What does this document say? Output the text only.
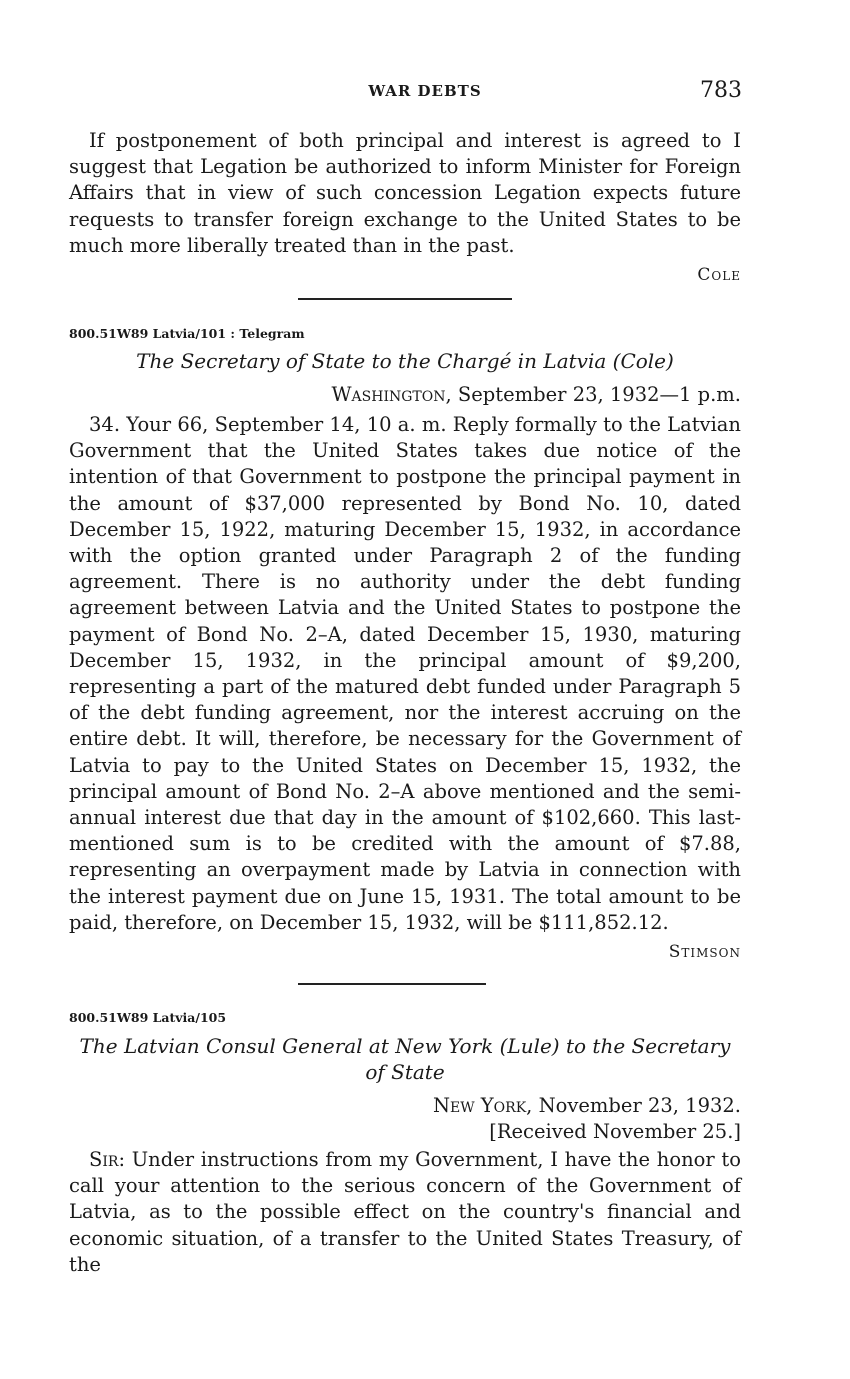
WAR DEBTS	783

If postponement of both principal and interest is agreed to I suggest that Legation be authorized to inform Minister for Foreign Affairs that in view of such concession Legation expects future requests to transfer foreign exchange to the United States to be much more liberally treated than in the past.

Cole
800.51W89 Latvia/101 : Telegram
The Secretary of State to the Chargé in Latvia (Cole)
Washington, September 23, 1932—1 p.m.

34. Your 66, September 14, 10 a. m. Reply formally to the Latvian Government that the United States takes due notice of the intention of that Government to postpone the principal payment in the amount of $37,000 represented by Bond No. 10, dated December 15, 1922, maturing December 15, 1932, in accordance with the option granted under Paragraph 2 of the funding agreement. There is no authority under the debt funding agreement between Latvia and the United States to postpone the payment of Bond No. 2–A, dated December 15, 1930, maturing December 15, 1932, in the principal amount of $9,200, representing a part of the matured debt funded under Paragraph 5 of the debt funding agreement, nor the interest accruing on the entire debt. It will, therefore, be necessary for the Government of Latvia to pay to the United States on December 15, 1932, the principal amount of Bond No. 2–A above mentioned and the semi-annual interest due that day in the amount of $102,660. This last-mentioned sum is to be credited with the amount of $7.88, representing an overpayment made by Latvia in connection with the interest payment due on June 15, 1931. The total amount to be paid, therefore, on December 15, 1932, will be $111,852.12.

Stimson
800.51W89 Latvia/105
The Latvian Consul General at New York (Lule) to the Secretary
of State
New York, November 23, 1932.
[Received November 25.]

Sir: Under instructions from my Government, I have the honor to call your attention to the serious concern of the Government of Latvia, as to the possible effect on the country's financial and economic situation, of a transfer to the United States Treasury, of the
